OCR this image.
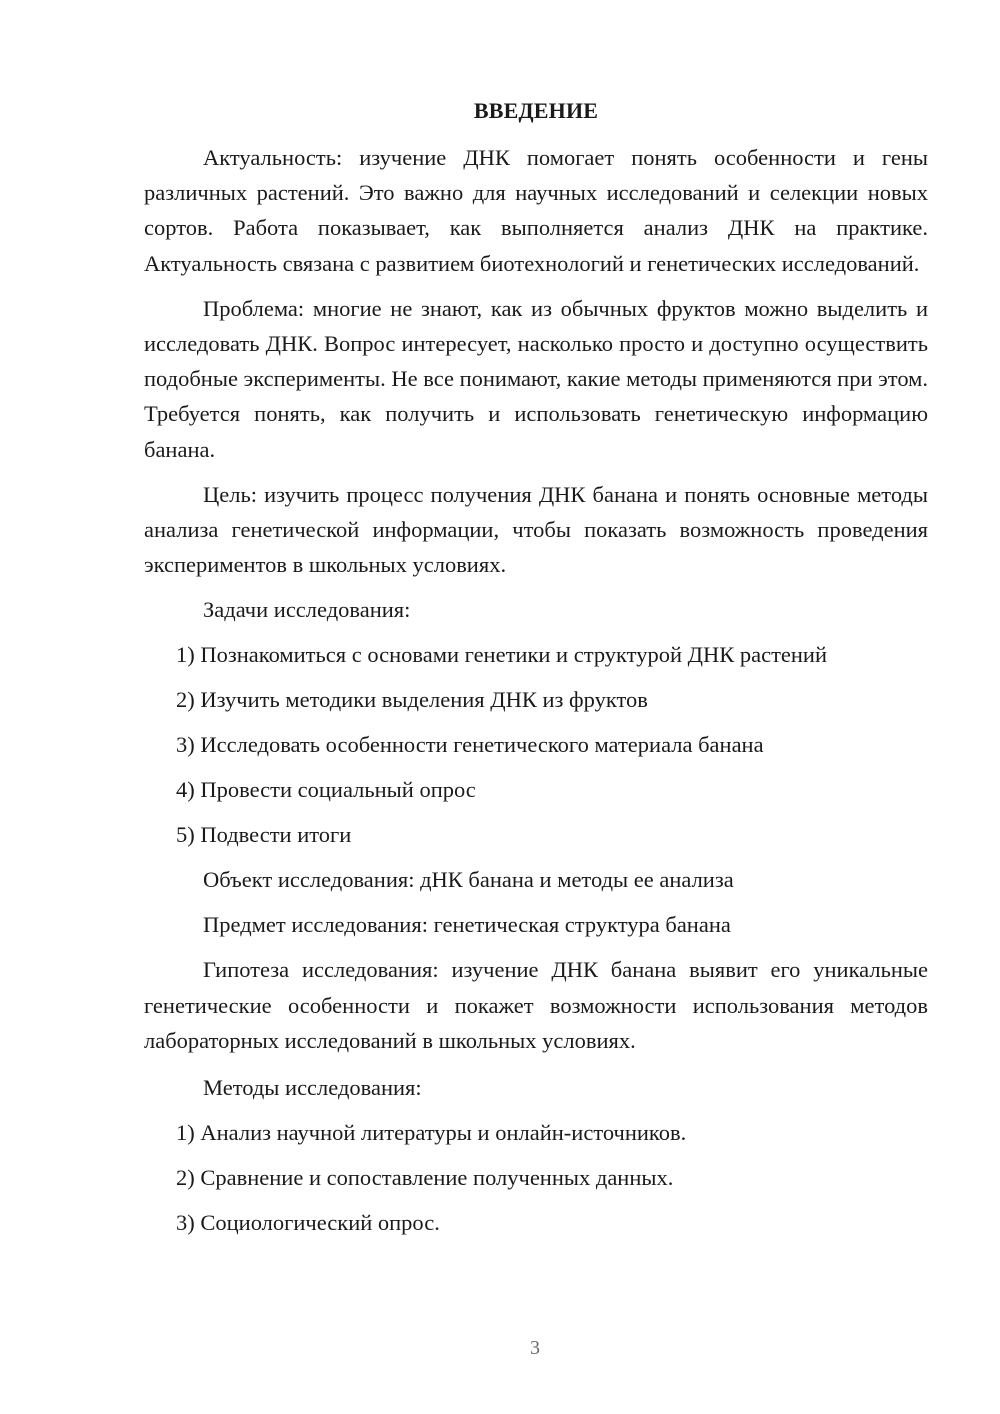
ВВЕДЕНИЕ

Актуальность: изучение ДНК помогает понять особенности и гены различных растений. Это важно для научных исследований и селекции новых сортов. Работа показывает, как выполняется анализ ДНК на практике. Актуальность связана с развитием биотехнологий и генетических исследований.

Проблема: многие не знают, как из обычных фруктов можно выделить и исследовать ДНК. Вопрос интересует, насколько просто и доступно осуществить подобные эксперименты. Не все понимают, какие методы применяются при этом. Требуется понять, как получить и использовать генетическую информацию банана.

Цель: изучить процесс получения ДНК банана и понять основные методы анализа генетической информации, чтобы показать возможность проведения экспериментов в школьных условиях.

Задачи исследования:

1) Познакомиться с основами генетики и структурой ДНК растений

2) Изучить методики выделения ДНК из фруктов

3) Исследовать особенности генетического материала банана

4) Провести социальный опрос

5) Подвести итоги

Объект исследования: дНК банана и методы ее анализа

Предмет исследования: генетическая структура банана

Гипотеза исследования: изучение ДНК банана выявит его уникальные генетические особенности и покажет возможности использования методов лабораторных исследований в школьных условиях.

Методы исследования:

1) Анализ научной литературы и онлайн-источников.

2) Сравнение и сопоставление полученных данных.

3) Социологический опрос.

3
